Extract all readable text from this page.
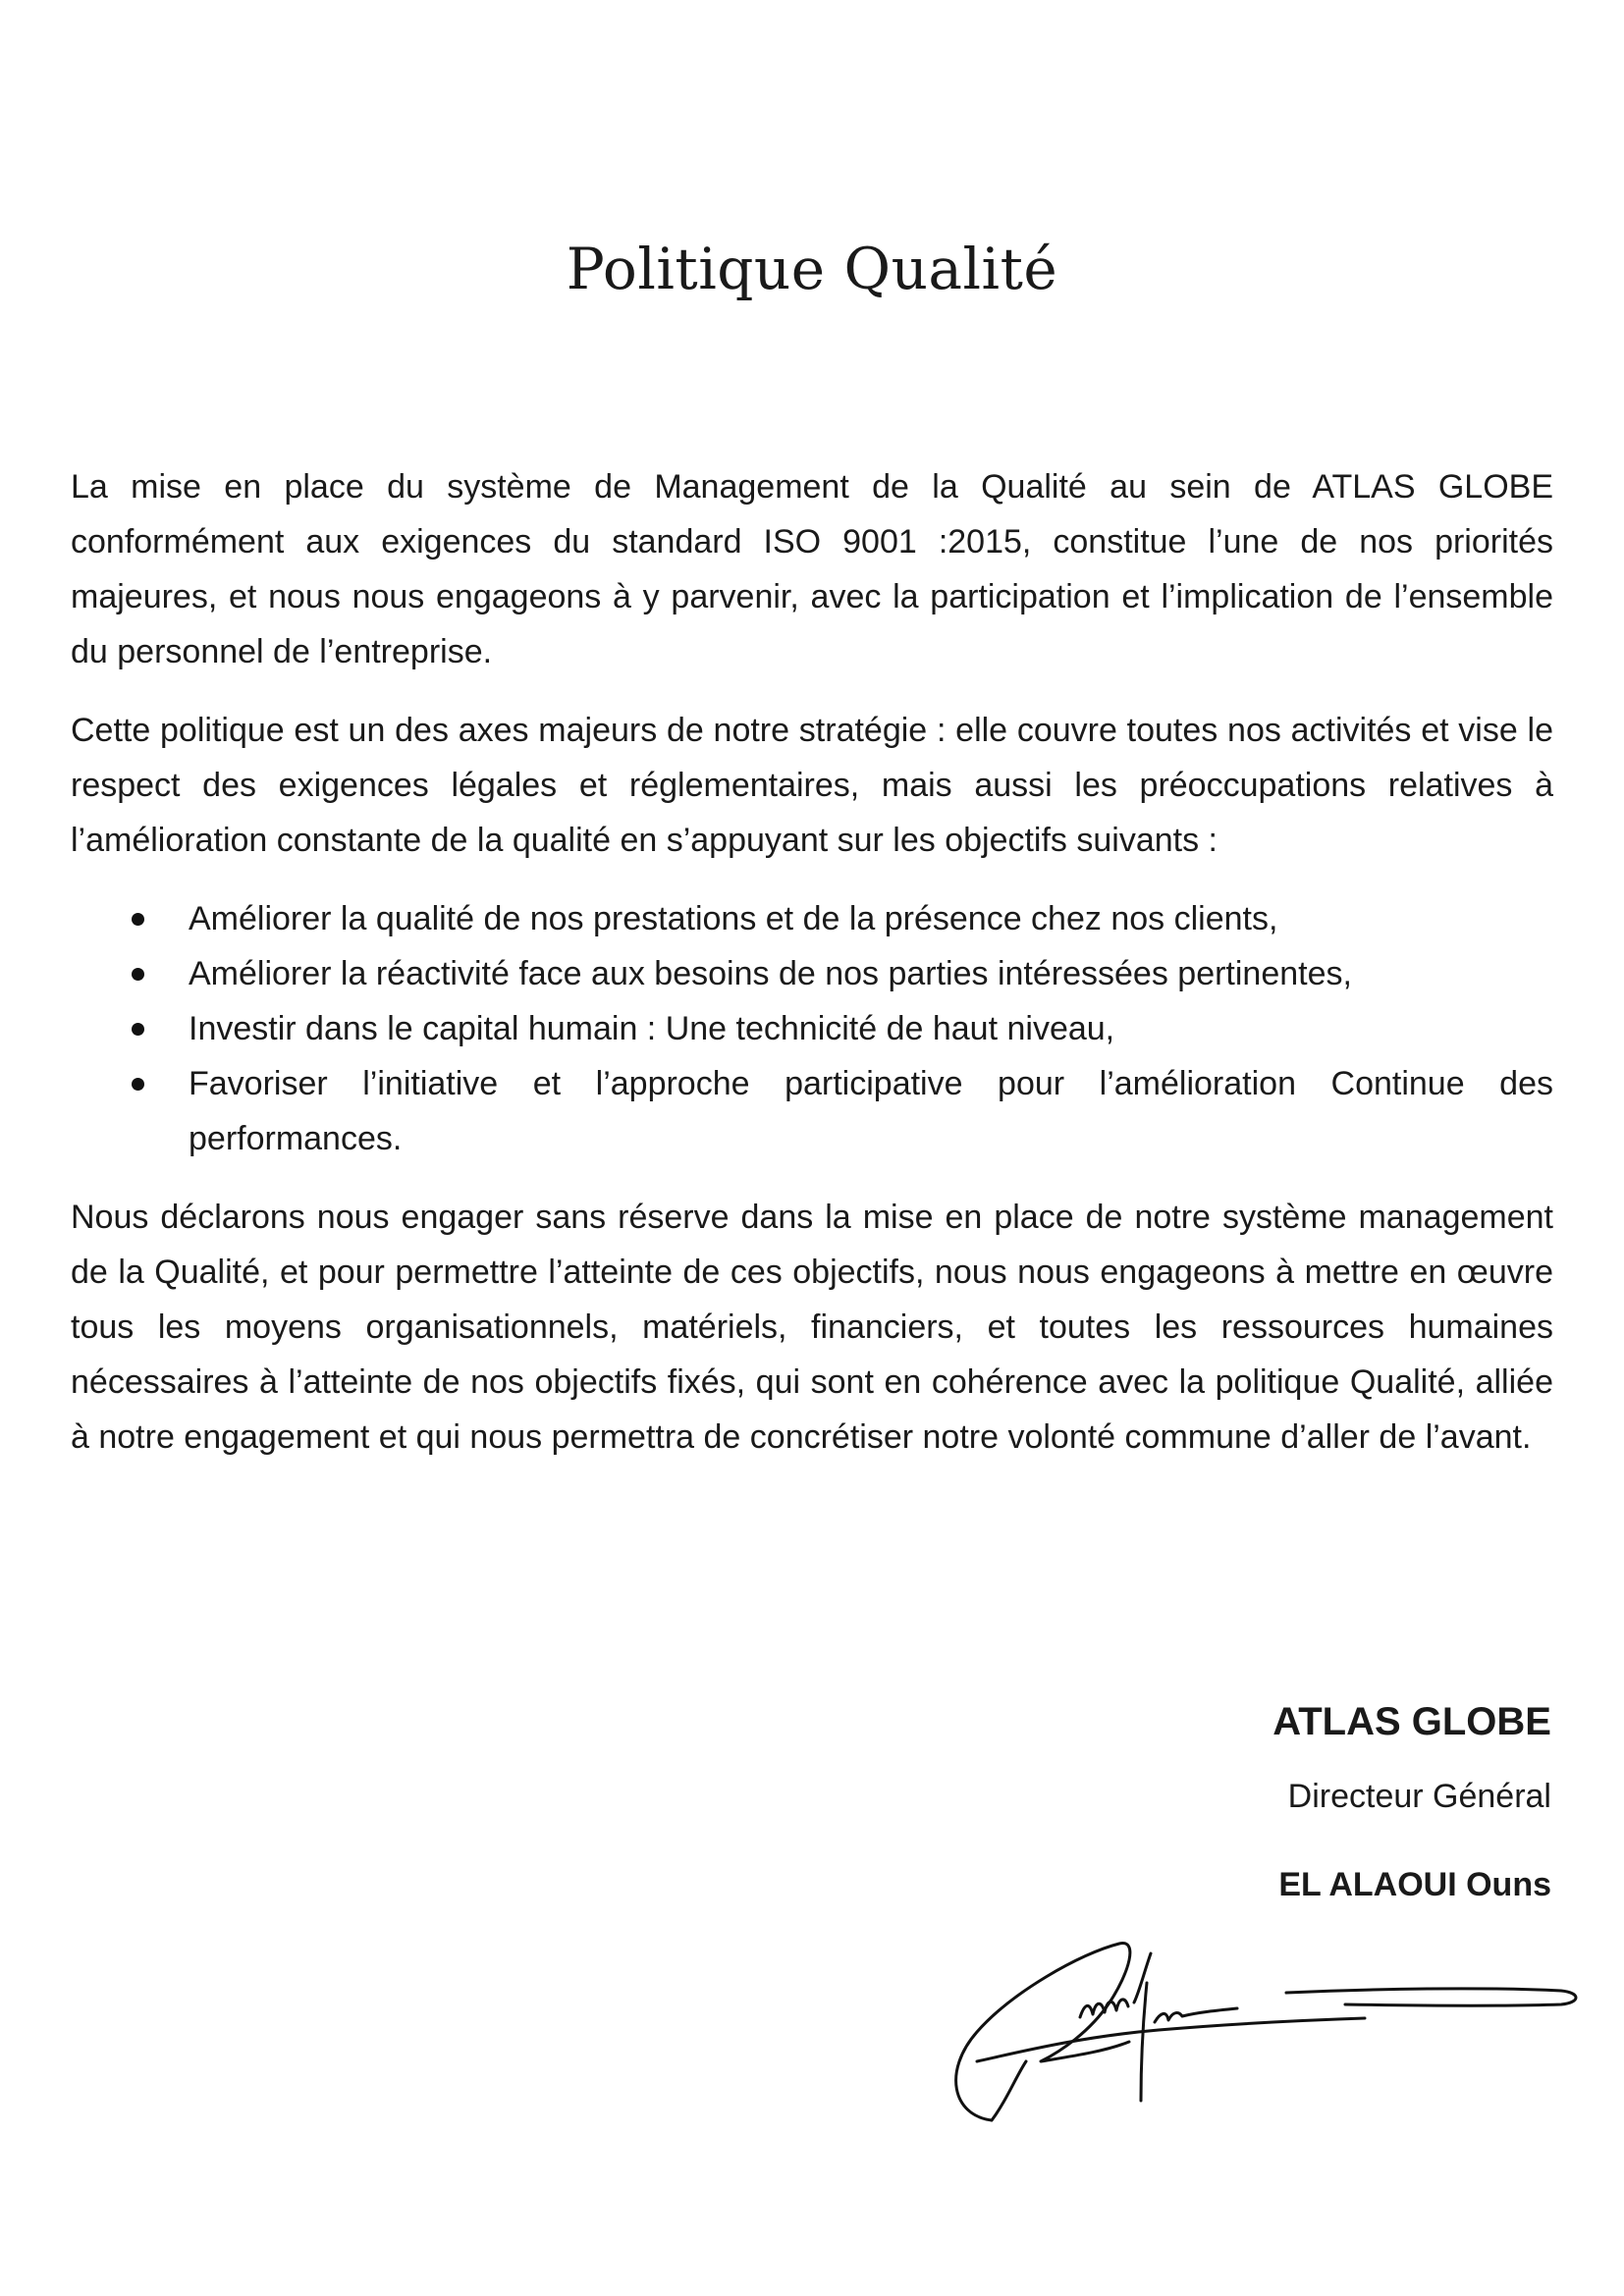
Politique Qualité

La mise en place du système de Management de la Qualité au sein de ATLAS GLOBE conformément aux exigences du standard ISO 9001 :2015, constitue l’une de nos priorités majeures, et nous nous engageons à y parvenir, avec la participation et l’implication de l’ensemble du personnel de l’entreprise.

Cette politique est un des axes majeurs de notre stratégie : elle couvre toutes nos activités et vise le respect des exigences légales et réglementaires, mais aussi les préoccupations relatives à l’amélioration constante de la qualité en s’appuyant sur les objectifs suivants :

Améliorer la qualité de nos prestations et de la présence chez nos clients,
Améliorer la réactivité face aux besoins de nos parties intéressées pertinentes,
Investir dans le capital humain : Une technicité de haut niveau,
Favoriser l’initiative et l’approche participative pour l’amélioration Continue des performances.

Nous déclarons nous engager sans réserve dans la mise en place de notre système management de la Qualité, et pour permettre l’atteinte de ces objectifs, nous nous engageons à mettre en œuvre tous les moyens organisationnels, matériels, financiers, et toutes les ressources humaines nécessaires à l’atteinte de nos objectifs fixés, qui sont en cohérence avec la politique Qualité, alliée à notre engagement et qui nous permettra de concrétiser notre volonté commune d’aller de l’avant.

ATLAS GLOBE

Directeur Général

EL ALAOUI Ouns
